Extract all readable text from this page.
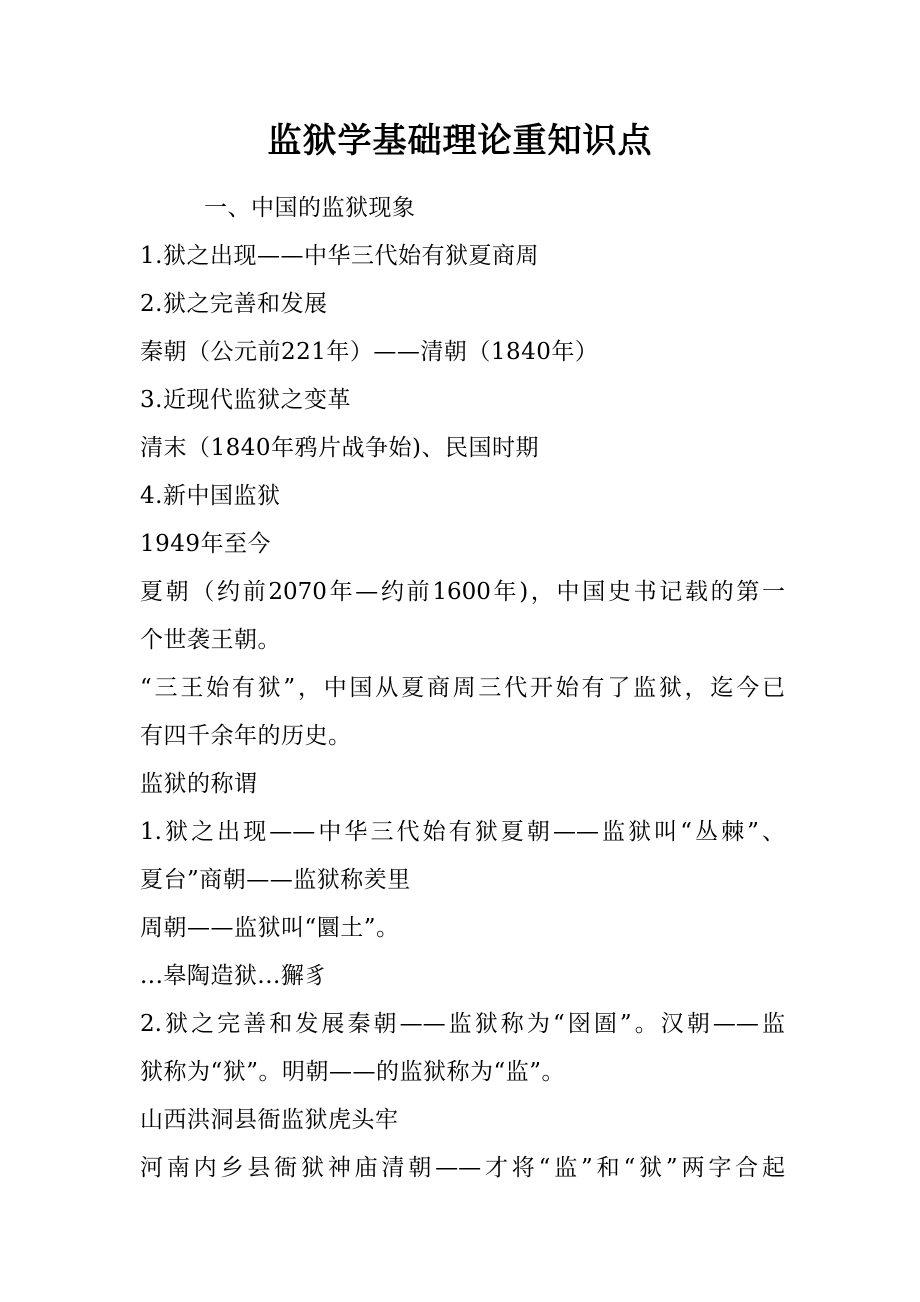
监狱学基础理论重知识点
一、中国的监狱现象
1.狱之出现——中华三代始有狱夏商周
2.狱之完善和发展
秦朝（公元前221年）——清朝（1840年）
3.近现代监狱之变革
清末（1840年鸦片战争始)、民国时期
4.新中国监狱
1949年至今
夏朝（约前2070年—约前1600年)，中国史书记载的第一
个世袭王朝。
“三王始有狱”，中国从夏商周三代开始有了监狱，迄今已
有四千余年的历史。
监狱的称谓
1.狱之出现——中华三代始有狱夏朝——监狱叫“丛棘”、
夏台”商朝——监狱称羑里
周朝——监狱叫“圜土”。
...皋陶造狱...獬豸
2.狱之完善和发展秦朝——监狱称为“囹圄”。汉朝——监
狱称为“狱”。明朝——的监狱称为“监”。
山西洪洞县衙监狱虎头牢
河南内乡县衙狱神庙清朝——才将“监”和“狱”两字合起
